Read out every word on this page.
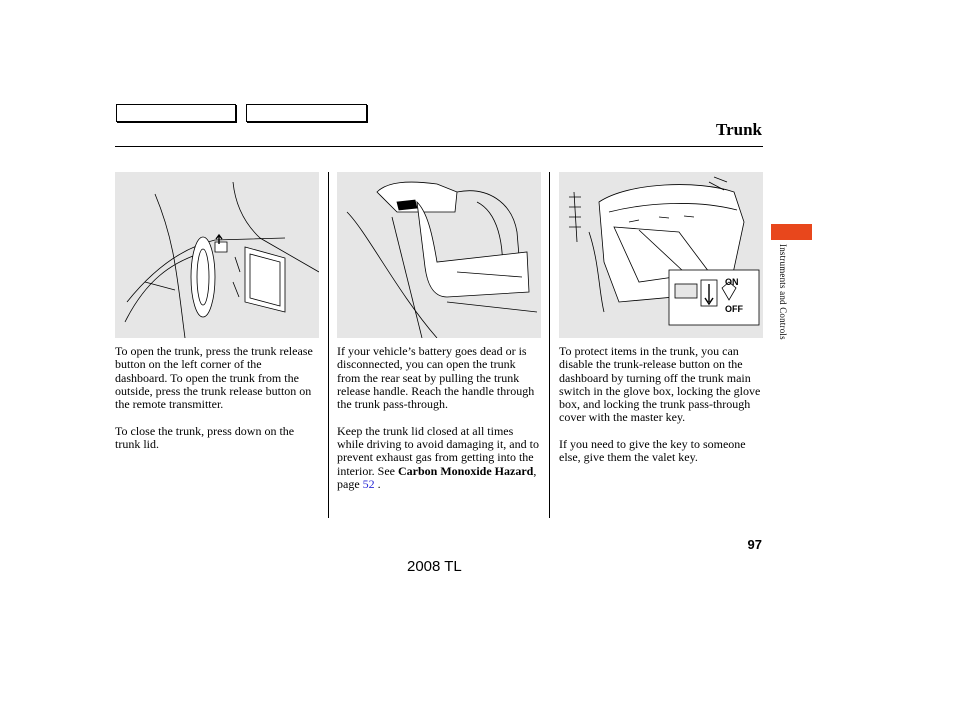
Trunk
ON
OFF

To open the trunk, press the trunk release button on the left corner of the dashboard. To open the trunk from the outside, press the trunk release button on the remote transmitter.

To close the trunk, press down on the trunk lid.

If your vehicle’s battery goes dead or is disconnected, you can open the trunk from the rear seat by pulling the trunk release handle. Reach the handle through the trunk pass-through.

Keep the trunk lid closed at all times while driving to avoid damaging it, and to prevent exhaust gas from getting into the interior. See Carbon Monoxide Hazard, page 52 .

To protect items in the trunk, you can disable the trunk-release button on the dashboard by turning off the trunk main switch in the glove box, locking the glove box, and locking the trunk pass-through cover with the master key.

If you need to give the key to someone else, give them the valet key.

Instruments and Controls
97
2008 TL
